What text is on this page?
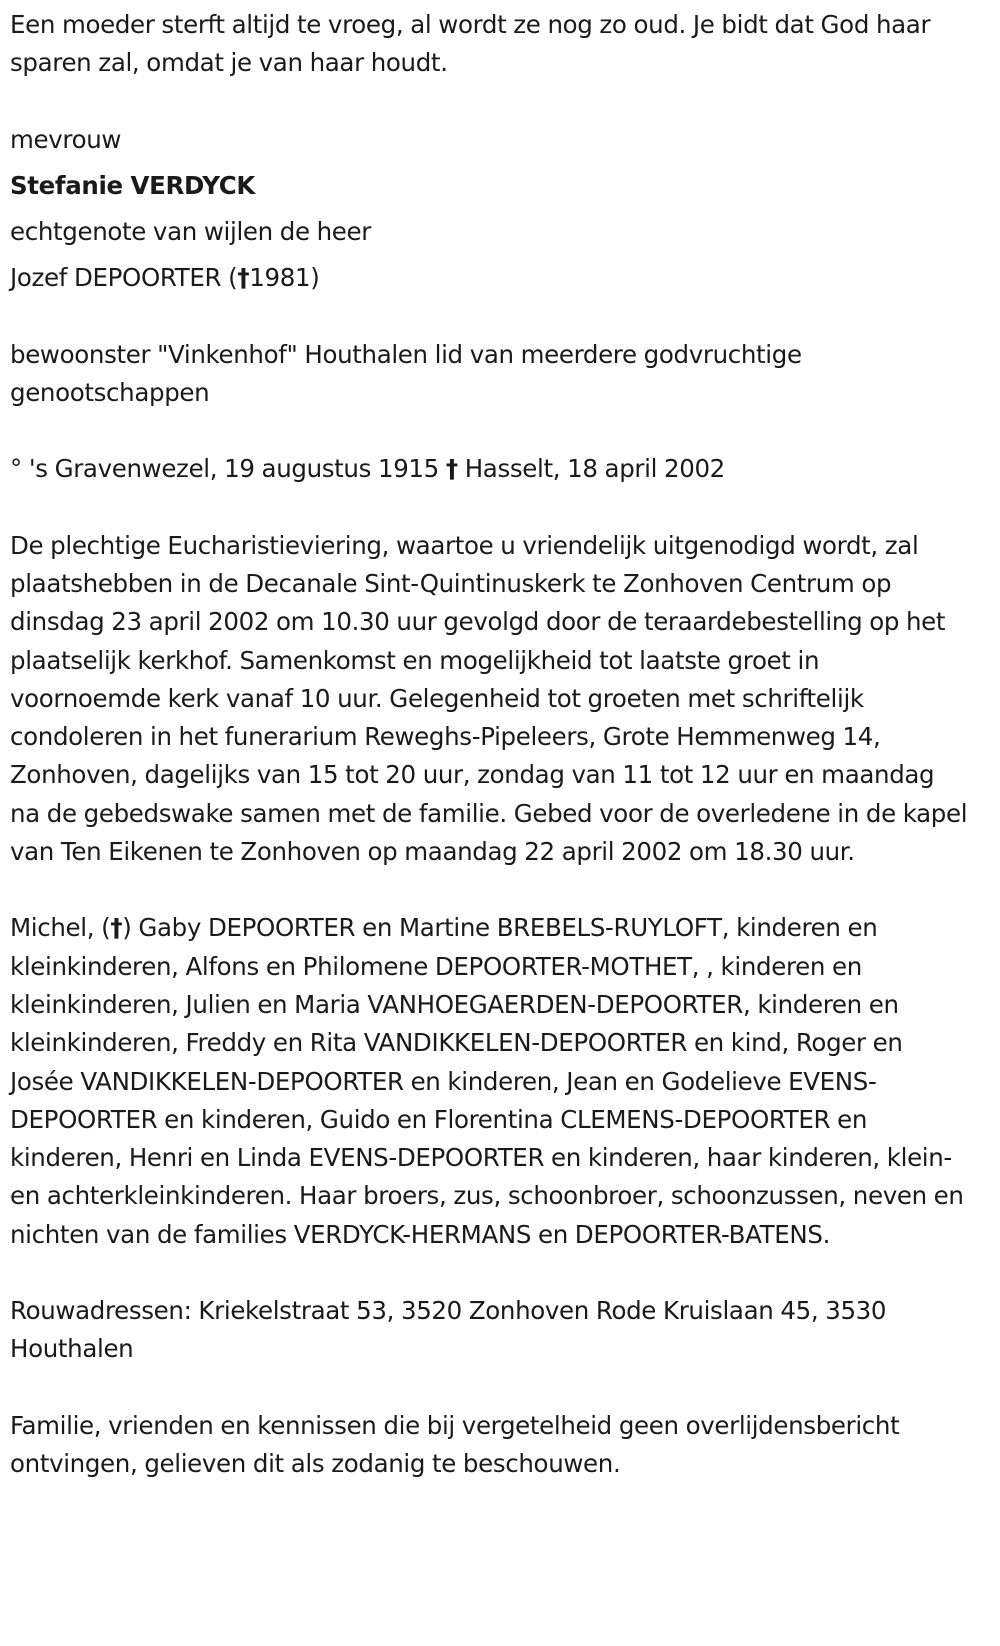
Een moeder sterft altijd te vroeg, al wordt ze nog zo oud. Je bidt dat God haar sparen zal, omdat je van haar houdt.

mevrouw

Stefanie VERDYCK

echtgenote van wijlen de heer

Jozef DEPOORTER (†1981)

bewoonster "Vinkenhof" Houthalen lid van meerdere godvruchtige genootschappen

° 's Gravenwezel, 19 augustus 1915 † Hasselt, 18 april 2002

De plechtige Eucharistieviering, waartoe u vriendelijk uitgenodigd wordt, zal plaatshebben in de Decanale Sint-Quintinuskerk te Zonhoven Centrum op dinsdag 23 april 2002 om 10.30 uur gevolgd door de teraardebestelling op het plaatselijk kerkhof. Samenkomst en mogelijkheid tot laatste groet in voornoemde kerk vanaf 10 uur. Gelegenheid tot groeten met schriftelijk condoleren in het funerarium Reweghs-Pipeleers, Grote Hemmenweg 14, Zonhoven, dagelijks van 15 tot 20 uur, zondag van 11 tot 12 uur en maandag na de gebedswake samen met de familie. Gebed voor de overledene in de kapel van Ten Eikenen te Zonhoven op maandag 22 april 2002 om 18.30 uur.

Michel, (†) Gaby DEPOORTER en Martine BREBELS-RUYLOFT, kinderen en kleinkinderen, Alfons en Philomene DEPOORTER-MOTHET, , kinderen en kleinkinderen, Julien en Maria VANHOEGAERDEN-DEPOORTER, kinderen en kleinkinderen, Freddy en Rita VANDIKKELEN-DEPOORTER en kind, Roger en Josée VANDIKKELEN-DEPOORTER en kinderen, Jean en Godelieve EVENS-DEPOORTER en kinderen, Guido en Florentina CLEMENS-DEPOORTER en kinderen, Henri en Linda EVENS-DEPOORTER en kinderen, haar kinderen, klein- en achterkleinkinderen. Haar broers, zus, schoonbroer, schoonzussen, neven en nichten van de families VERDYCK-HERMANS en DEPOORTER-BATENS.

Rouwadressen: Kriekelstraat 53, 3520 Zonhoven Rode Kruislaan 45, 3530 Houthalen

Familie, vrienden en kennissen die bij vergetelheid geen overlijdensbericht ontvingen, gelieven dit als zodanig te beschouwen.
